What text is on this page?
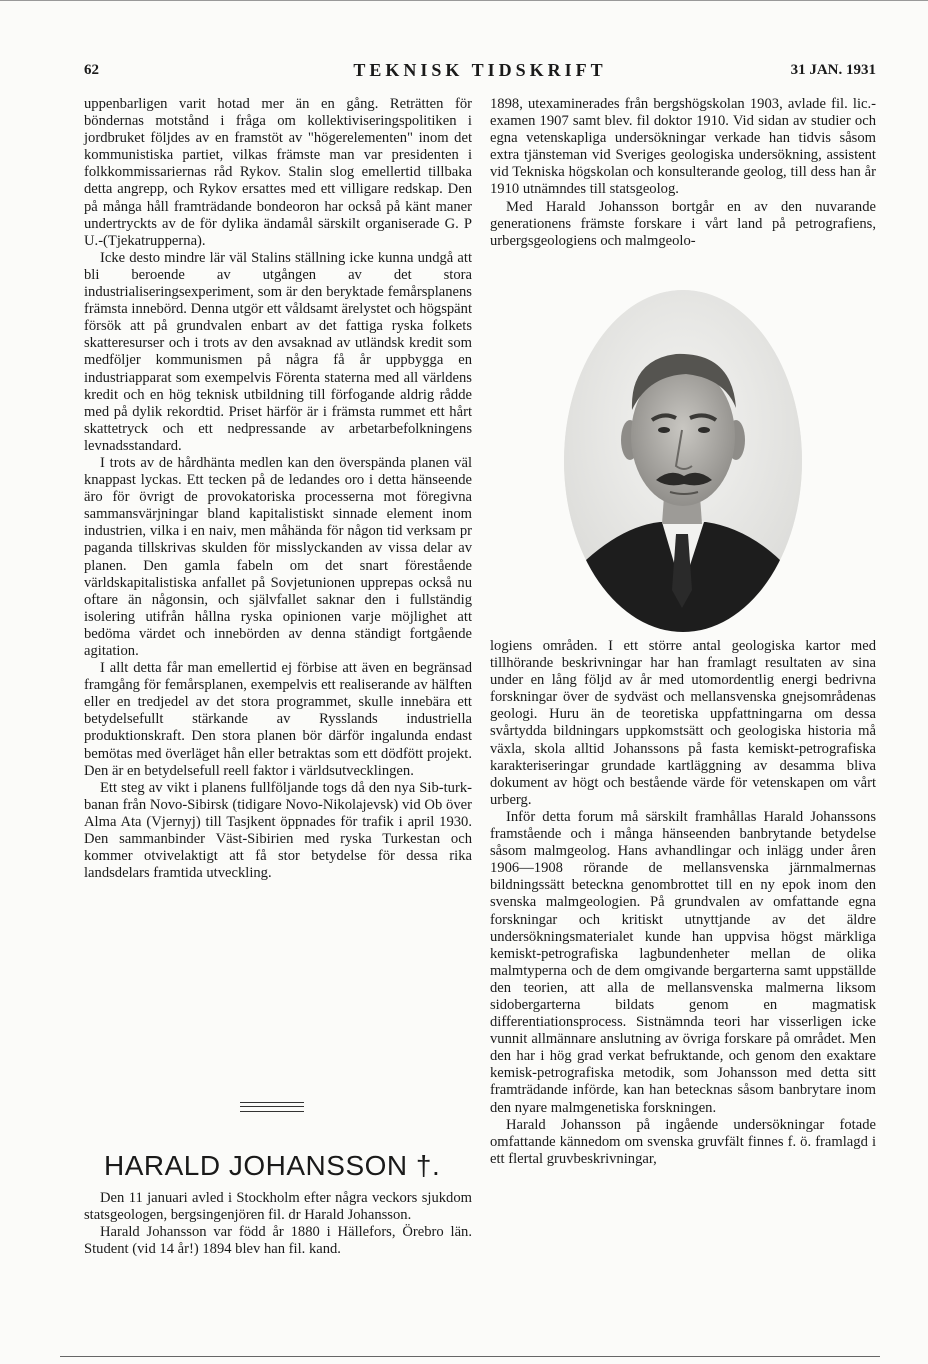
62	TEKNISK TIDSKRIFT	31 JAN. 1931

uppenbarligen varit hotad mer än en gång. Reträtten för böndernas motstånd i fråga om kollektiviseringspolitiken i jordbruket följdes av en framstöt av "högerelementen" inom det kommunistiska partiet, vilkas främste man var presidenten i folkkommissariernas råd Rykov. Stalin slog emellertid tillbaka detta angrepp, och Rykov ersattes med ett villigare redskap. Den på många håll framträdande bondeoron har också på känt maner undertryckts av de för dylika ändamål särskilt organiserade G. P U.-(Tjekatrupperna).

Icke desto mindre lär väl Stalins ställning icke kunna undgå att bli beroende av utgången av det stora industrialiseringsexperiment, som är den beryktade femårsplanens främsta innebörd. Denna utgör ett våldsamt ärelystet och högspänt försök att på grundvalen enbart av det fattiga ryska folkets skatteresurser och i trots av den avsaknad av utländsk kredit som medföljer kommunismen på några få år uppbygga en industriapparat som exempelvis Förenta staterna med all världens kredit och en hög teknisk utbildning till förfogande aldrig rådde med på dylik rekordtid. Priset härför är i främsta rummet ett hårt skattetryck och ett nedpressande av arbetarbefolkningens levnadsstandard.

I trots av de hårdhänta medlen kan den överspända planen väl knappast lyckas. Ett tecken på de ledandes oro i detta hänseende äro för övrigt de provokatoriska processerna mot föregivna sammansvärjningar bland kapitalistiskt sinnade element inom industrien, vilka i en naiv, men måhända för någon tid verksam pr paganda tillskrivas skulden för misslyckanden av vissa delar av planen. Den gamla fabeln om det snart förestående världskapitalistiska anfallet på Sovjetunionen upprepas också nu oftare än någonsin, och självfallet saknar den i fullständig isolering utifrån hållna ryska opinionen varje möjlighet att bedöma värdet och innebörden av denna ständigt fortgående agitation.

I allt detta får man emellertid ej förbise att även en begränsad framgång för femårsplanen, exempelvis ett realiserande av hälften eller en tredjedel av det stora programmet, skulle innebära ett betydelsefullt stärkande av Rysslands industriella produktionskraft. Den stora planen bör därför ingalunda endast bemötas med överläget hån eller betraktas som ett dödfött projekt. Den är en betydelsefull reell faktor i världsutvecklingen.

Ett steg av vikt i planens fullföljande togs då den nya Sib-turk-banan från Novo-Sibirsk (tidigare Novo-Nikolajevsk) vid Ob över Alma Ata (Vjernyj) till Tasjkent öppnades för trafik i april 1930. Den sammanbinder Väst-Sibirien med ryska Turkestan och kommer otvivelaktigt att få stor betydelse för dessa rika landsdelars framtida utveckling.

HARALD JOHANSSON †.

Den 11 januari avled i Stockholm efter några veckors sjukdom statsgeologen, bergsingenjören fil. dr Harald Johansson.

Harald Johansson var född år 1880 i Hällefors, Örebro län. Student (vid 14 år!) 1894 blev han fil. kand.

1898, utexaminerades från bergshögskolan 1903, avlade fil. lic.-examen 1907 samt blev. fil doktor 1910. Vid sidan av studier och egna vetenskapliga undersökningar verkade han tidvis såsom extra tjänsteman vid Sveriges geologiska undersökning, assistent vid Tekniska högskolan och konsulterande geolog, till dess han år 1910 utnämndes till statsgeolog.

Med Harald Johansson bortgår en av den nuvarande generationens främste forskare i vårt land på petrografiens, urbergsgeologiens och malmgeolo-

logiens områden. I ett större antal geologiska kartor med tillhörande beskrivningar har han framlagt resultaten av sina under en lång följd av år med utomordentlig energi bedrivna forskningar över de sydväst och mellansvenska gnejsområdenas geologi. Huru än de teoretiska uppfattningarna om dessa svårtydda bildningars uppkomstsätt och geologiska historia må växla, skola alltid Johanssons på fasta kemiskt-petrografiska karakteriseringar grundade kartläggning av desamma bliva dokument av högt och bestående värde för vetenskapen om vårt urberg.

Inför detta forum må särskilt framhållas Harald Johanssons framstående och i många hänseenden banbrytande betydelse såsom malmgeolog. Hans avhandlingar och inlägg under åren 1906—1908 rörande de mellansvenska järnmalmernas bildningssätt beteckna genombrottet till en ny epok inom den svenska malmgeologien. På grundvalen av omfattande egna forskningar och kritiskt utnyttjande av det äldre undersökningsmaterialet kunde han uppvisa högst märkliga kemiskt-petrografiska lagbundenheter mellan de olika malmtyperna och de dem omgivande bergarterna samt uppställde den teorien, att alla de mellansvenska malmerna liksom sidobergarterna bildats genom en magmatisk differentiationsprocess. Sistnämnda teori har visserligen icke vunnit allmännare anslutning av övriga forskare på området. Men den har i hög grad verkat befruktande, och genom den exaktare kemisk-petrografiska metodik, som Johansson med detta sitt framträdande införde, kan han betecknas såsom banbrytare inom den nyare malmgenetiska forskningen.

Harald Johansson på ingående undersökningar fotade omfattande kännedom om svenska gruvfält finnes f. ö. framlagd i ett flertal gruvbeskrivningar,
